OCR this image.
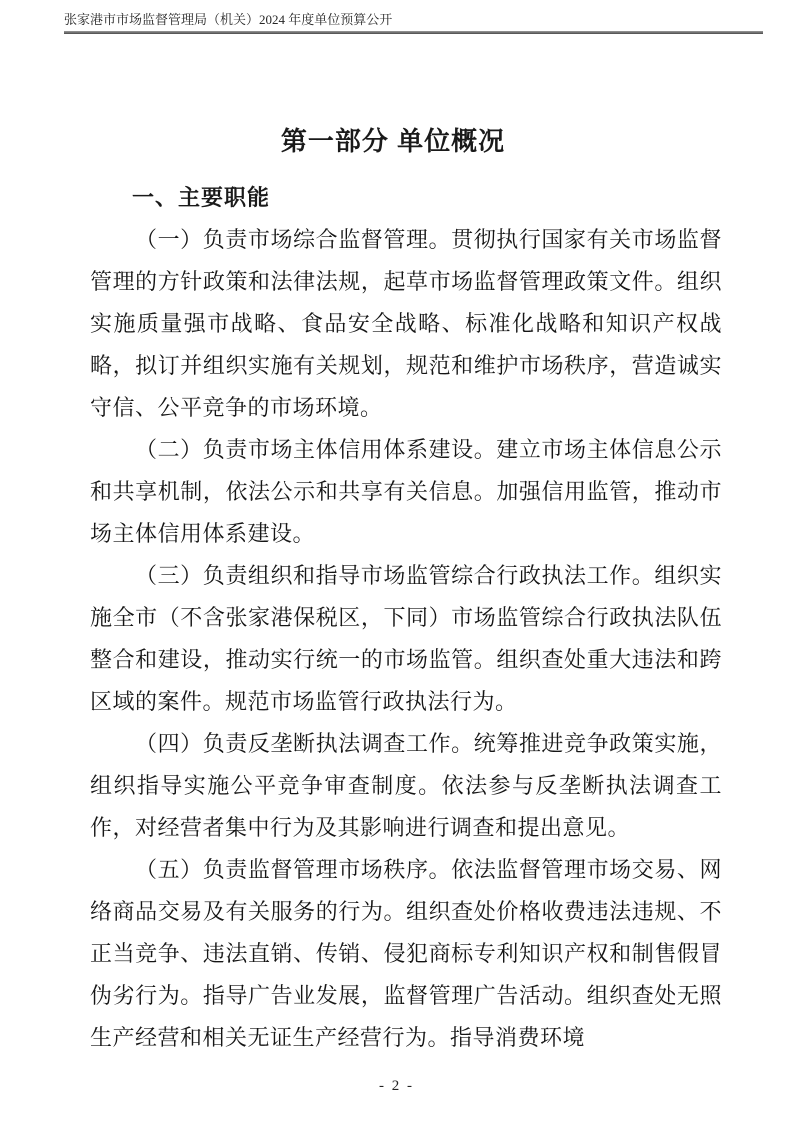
张家港市市场监督管理局（机关）2024 年度单位预算公开
第一部分 单位概况
一、主要职能

（一）负责市场综合监督管理。贯彻执行国家有关市场监督管理的方针政策和法律法规，起草市场监督管理政策文件。组织实施质量强市战略、食品安全战略、标准化战略和知识产权战略，拟订并组织实施有关规划，规范和维护市场秩序，营造诚实守信、公平竞争的市场环境。

（二）负责市场主体信用体系建设。建立市场主体信息公示和共享机制，依法公示和共享有关信息。加强信用监管，推动市场主体信用体系建设。

（三）负责组织和指导市场监管综合行政执法工作。组织实施全市（不含张家港保税区，下同）市场监管综合行政执法队伍整合和建设，推动实行统一的市场监管。组织查处重大违法和跨区域的案件。规范市场监管行政执法行为。

（四）负责反垄断执法调查工作。统筹推进竞争政策实施，组织指导实施公平竞争审查制度。依法参与反垄断执法调查工作，对经营者集中行为及其影响进行调查和提出意见。

（五）负责监督管理市场秩序。依法监督管理市场交易、网络商品交易及有关服务的行为。组织查处价格收费违法违规、不正当竞争、违法直销、传销、侵犯商标专利知识产权和制售假冒伪劣行为。指导广告业发展，监督管理广告活动。组织查处无照生产经营和相关无证生产经营行为。指导消费环境

- 2 -
